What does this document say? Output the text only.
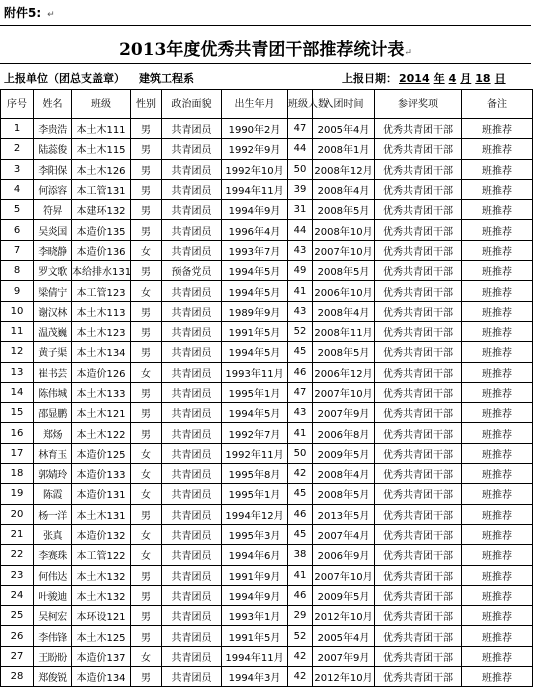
附件5: ↵
2013年度优秀共青团干部推荐统计表↵
上报单位（团总支盖章） 建筑工程系	上报日期： 2014 年 4 月 18 日
序号	姓名	班级	性别	政治面貌	出生年月	班级人数	入团时间	参评奖项	备注
1	李贵浩	本土木111	男	共青团员	1990年2月	47	2005年4月	优秀共青团干部	班推荐
2	陆蕊俊	本土木115	男	共青团员	1992年9月	44	2008年1月	优秀共青团干部	班推荐
3	李阳保	本土木126	男	共青团员	1992年10月	50	2008年12月	优秀共青团干部	班推荐
4	何添容	本工管131	男	共青团员	1994年11月	39	2008年4月	优秀共青团干部	班推荐
5	符昇	本建环132	男	共青团员	1994年9月	31	2008年5月	优秀共青团干部	班推荐
6	吴炎国	本造价135	男	共青团员	1996年4月	44	2008年10月	优秀共青团干部	班推荐
7	李晓静	本造价136	女	共青团员	1993年7月	43	2007年10月	优秀共青团干部	班推荐
8	罗文歌	本给排水131	男	预备党员	1994年5月	49	2008年5月	优秀共青团干部	班推荐
9	梁倩宁	本工管123	女	共青团员	1994年5月	41	2006年10月	优秀共青团干部	班推荐
10	谢汉林	本土木113	男	共青团员	1989年9月	43	2008年4月	优秀共青团干部	班推荐
11	温茂巍	本土木123	男	共青团员	1991年5月	52	2008年11月	优秀共青团干部	班推荐
12	黄子渠	本土木134	男	共青团员	1994年5月	45	2008年5月	优秀共青团干部	班推荐
13	崔书芸	本造价126	女	共青团员	1993年11月	46	2006年12月	优秀共青团干部	班推荐
14	陈伟城	本土木133	男	共青团员	1995年1月	47	2007年10月	优秀共青团干部	班推荐
15	邵显鹏	本土木121	男	共青团员	1994年5月	43	2007年9月	优秀共青团干部	班推荐
16	郑炀	本土木122	男	共青团员	1992年7月	41	2006年8月	优秀共青团干部	班推荐
17	林育玉	本造价125	女	共青团员	1992年11月	50	2009年5月	优秀共青团干部	班推荐
18	郭婧玲	本造价133	女	共青团员	1995年8月	42	2008年4月	优秀共青团干部	班推荐
19	陈霞	本造价131	女	共青团员	1995年1月	45	2008年5月	优秀共青团干部	班推荐
20	杨一洋	本土木131	男	共青团员	1994年12月	46	2013年5月	优秀共青团干部	班推荐
21	张真	本造价132	女	共青团员	1995年3月	45	2007年4月	优秀共青团干部	班推荐
22	李赛珠	本工管122	女	共青团员	1994年6月	38	2006年9月	优秀共青团干部	班推荐
23	何伟达	本土木132	男	共青团员	1991年9月	41	2007年10月	优秀共青团干部	班推荐
24	叶骏迪	本土木132	男	共青团员	1994年9月	46	2009年5月	优秀共青团干部	班推荐
25	吴柯宏	本环设121	男	共青团员	1993年1月	29	2012年10月	优秀共青团干部	班推荐
26	李伟锋	本土木125	男	共青团员	1991年5月	52	2005年4月	优秀共青团干部	班推荐
27	王盼盼	本造价137	女	共青团员	1994年11月	42	2007年9月	优秀共青团干部	班推荐
28	郑俊锐	本造价134	男	共青团员	1994年3月	42	2012年10月	优秀共青团干部	班推荐
